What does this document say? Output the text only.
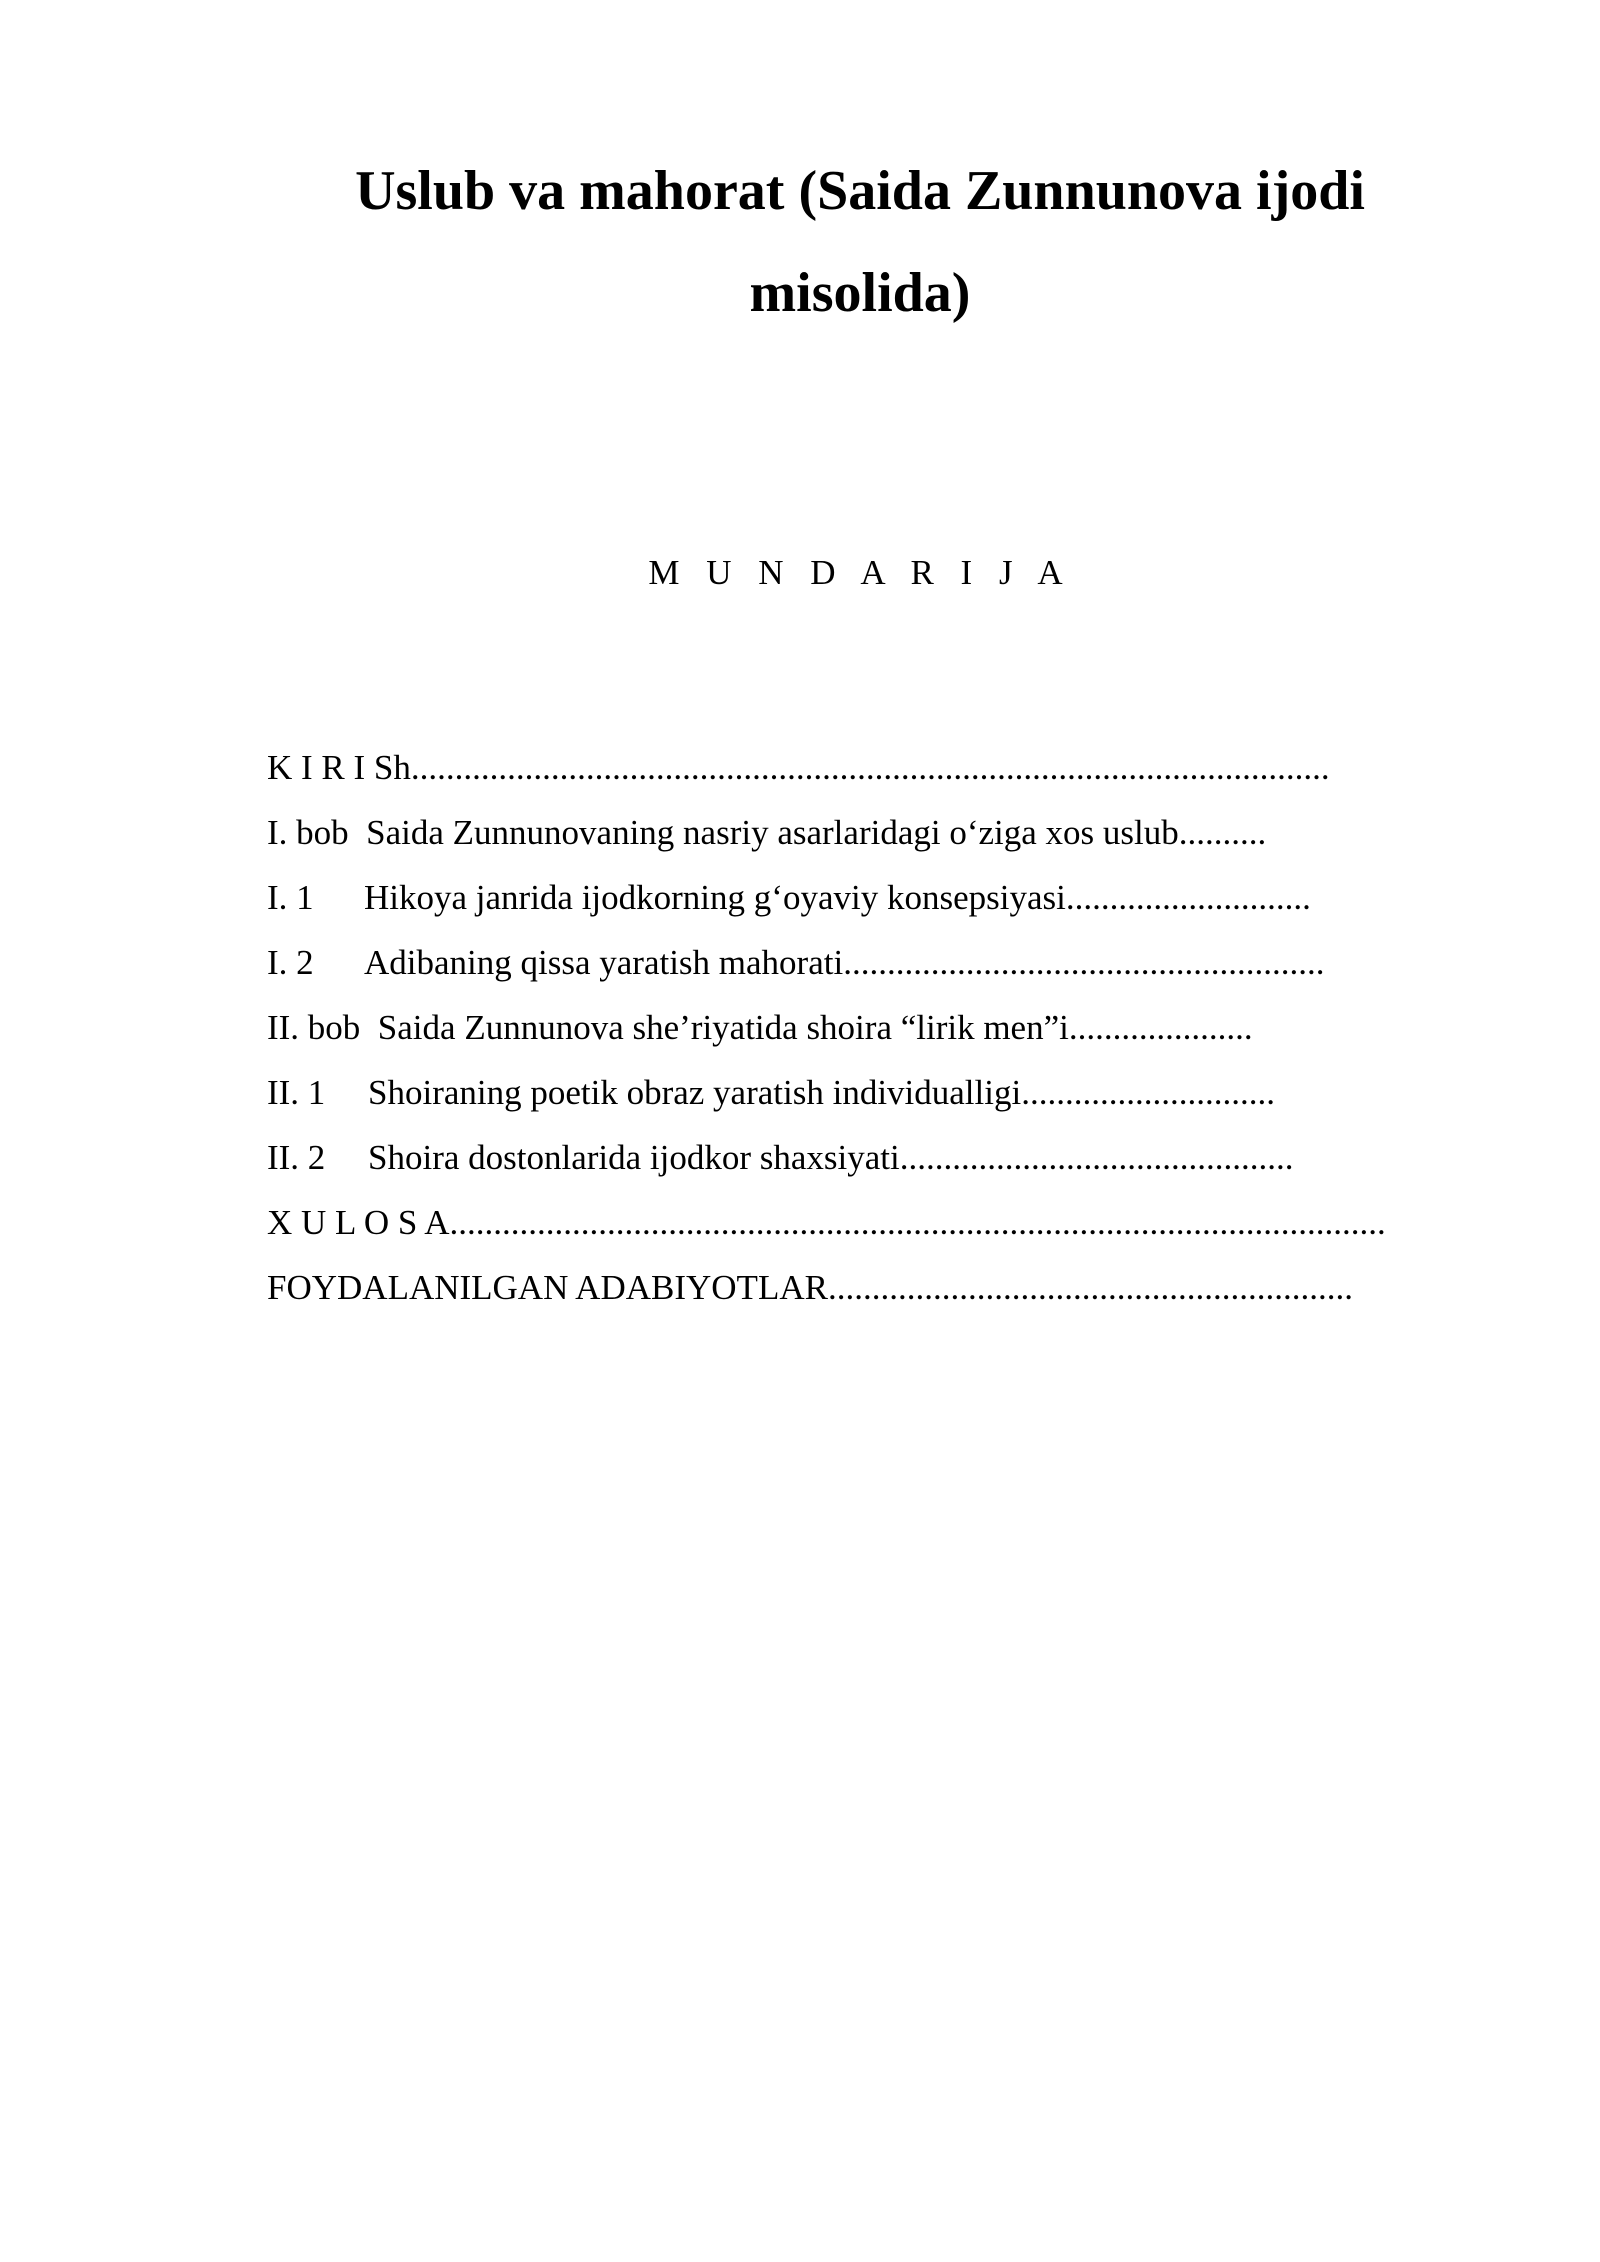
Uslub va mahorat (Saida Zunnunova ijodi misolida)
M U N D A R I J A
K I R I Sh.........................................................................................................
I. bob  Saida Zunnunovaning nasriy asarlaridagi o‘ziga xos uslub..........
I. 1 Hikoya janrida ijodkorning g‘oyaviy konsepsiyasi............................
I. 2 Adibaning qissa yaratish mahorati.......................................................
II. bob  Saida Zunnunova she’riyatida shoira “lirik men”i.....................
II. 1 Shoiraning poetik obraz yaratish individualligi.............................
II. 2 Shoira dostonlarida ijodkor shaxsiyati.............................................
X U L O S A...........................................................................................................
FOYDALANILGAN ADABIYOTLAR............................................................
